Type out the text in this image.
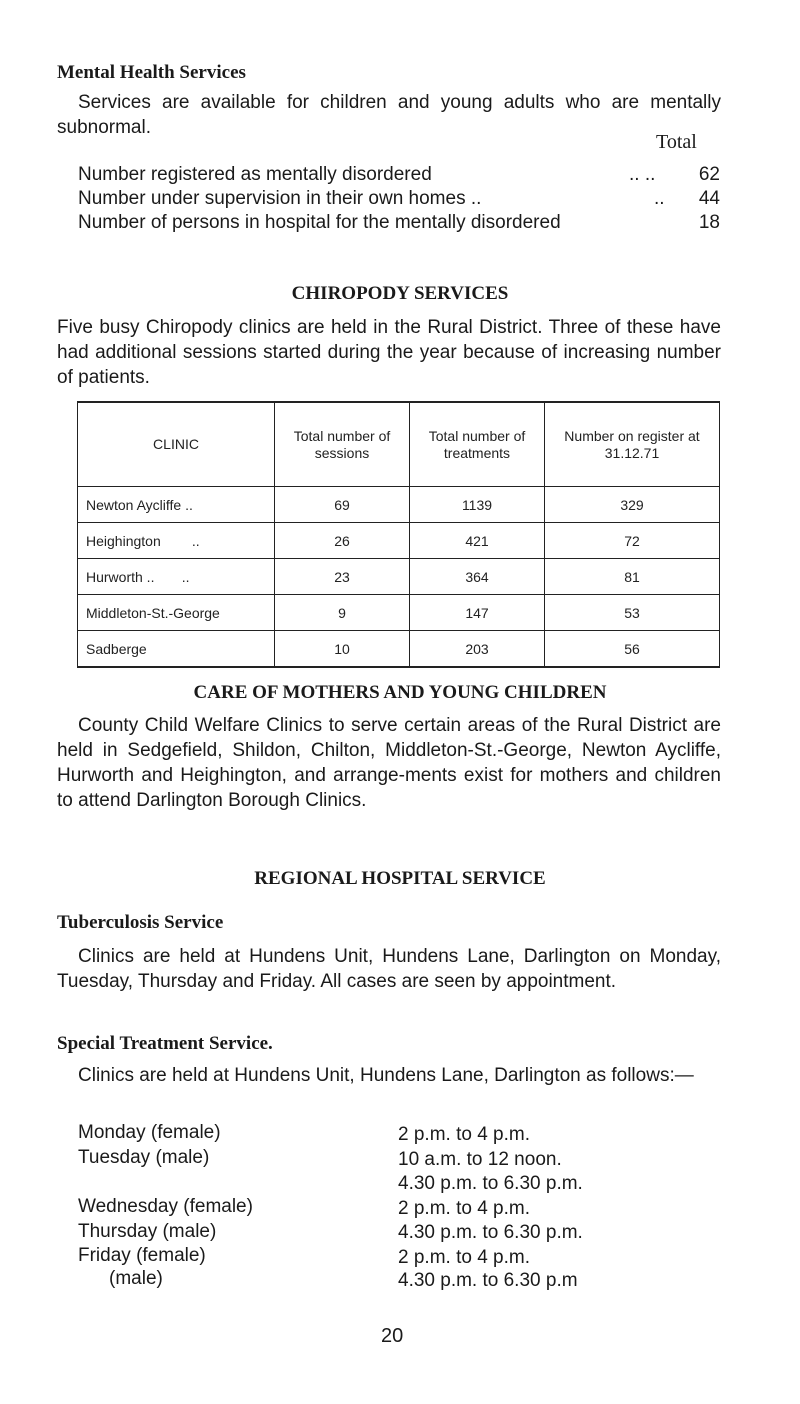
Mental Health Services
Services are available for children and young adults who are mentally subnormal.
Total
Number registered as mentally disordered	.. ..	62
Number under supervision in their own homes ..	..	44
Number of persons in hospital for the mentally disordered	18
CHIROPODY SERVICES
Five busy Chiropody clinics are held in the Rural District. Three of these have had additional sessions started during the year because of increasing number of patients.
CLINIC	Total number of sessions	Total number of treatments	Number on register at 31.12.71
Newton Aycliffe ..	69	1139	329
Heighington        ..	26	421	72
Hurworth ..       ..	23	364	81
Middleton-St.-George	9	147	53
Sadberge	10	203	56
CARE OF MOTHERS AND YOUNG CHILDREN
County Child Welfare Clinics to serve certain areas of the Rural District are held in Sedgefield, Shildon, Chilton, Middleton-St.-George, Newton Aycliffe, Hurworth and Heighington, and arrange-ments exist for mothers and children to attend Darlington Borough Clinics.
REGIONAL HOSPITAL SERVICE
Tuberculosis Service
Clinics are held at Hundens Unit, Hundens Lane, Darlington on Monday, Tuesday, Thursday and Friday. All cases are seen by appointment.
Special Treatment Service.
Clinics are held at Hundens Unit, Hundens Lane, Darlington as follows:—
Monday (female)	2 p.m. to 4 p.m.
Tuesday (male)	10 a.m. to 12 noon.
4.30 p.m. to 6.30 p.m.
Wednesday (female)	2 p.m. to 4 p.m.
Thursday (male)	4.30 p.m. to 6.30 p.m.
Friday (female)	2 p.m. to 4 p.m.
(male)	4.30 p.m. to 6.30 p.m
20
